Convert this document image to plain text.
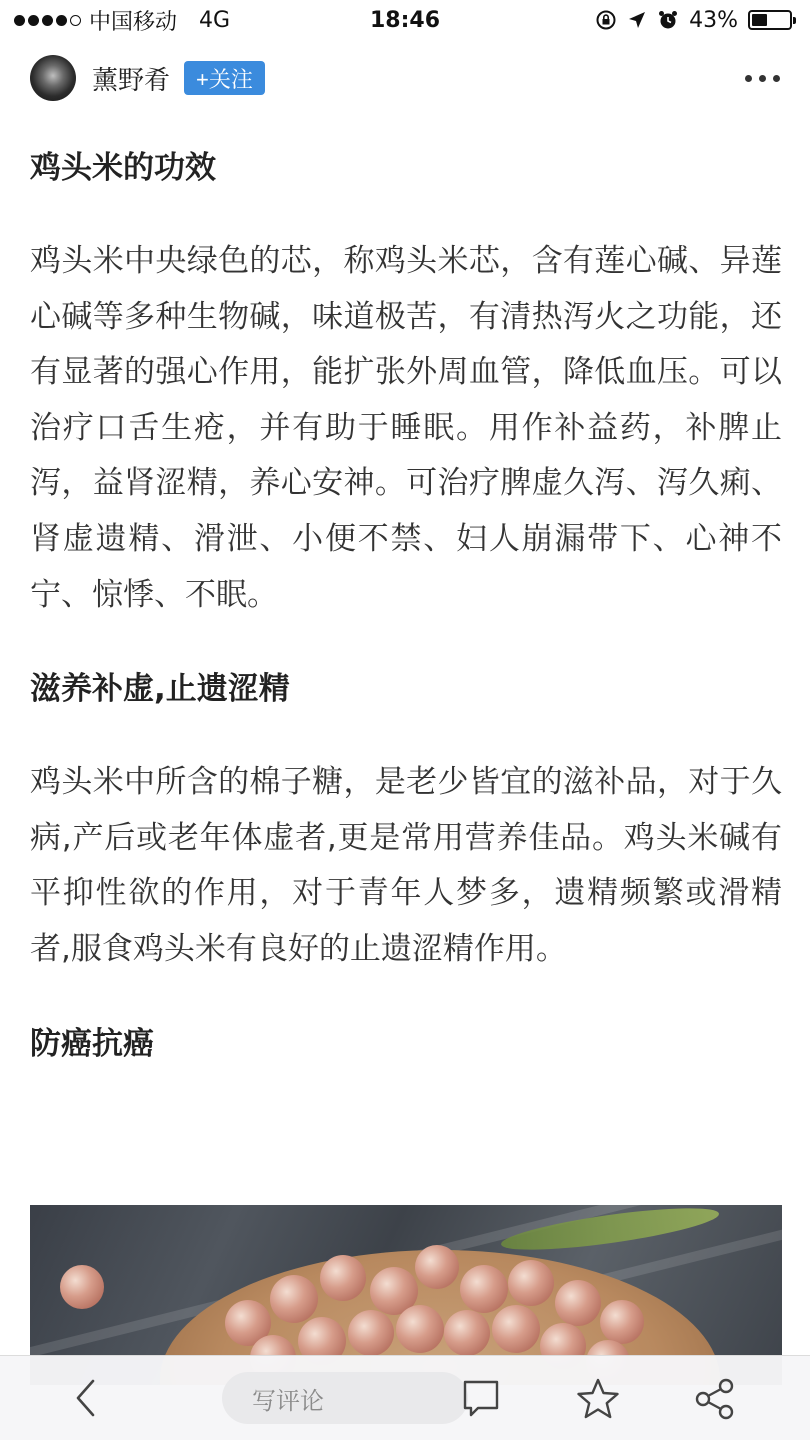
中国移动 4G	18:46	43%
薰野肴	+关注
鸡头米的功效

鸡头米中央绿色的芯，称鸡头米芯，含有莲心碱、异莲心碱等多种生物碱，味道极苦，有清热泻火之功能，还有显著的强心作用，能扩张外周血管，降低血压。可以治疗口舌生疮，并有助于睡眠。用作补益药，补脾止泻，益肾涩精，养心安神。可治疗脾虚久泻、泻久痢、肾虚遗精、滑泄、小便不禁、妇人崩漏带下、心神不宁、惊悸、不眠。

滋养补虚,止遗涩精

鸡头米中所含的棉子糖，是老少皆宜的滋补品，对于久病,产后或老年体虚者,更是常用营养佳品。鸡头米碱有平抑性欲的作用，对于青年人梦多，遗精频繁或滑精者,服食鸡头米有良好的止遗涩精作用。

防癌抗癌
写评论
